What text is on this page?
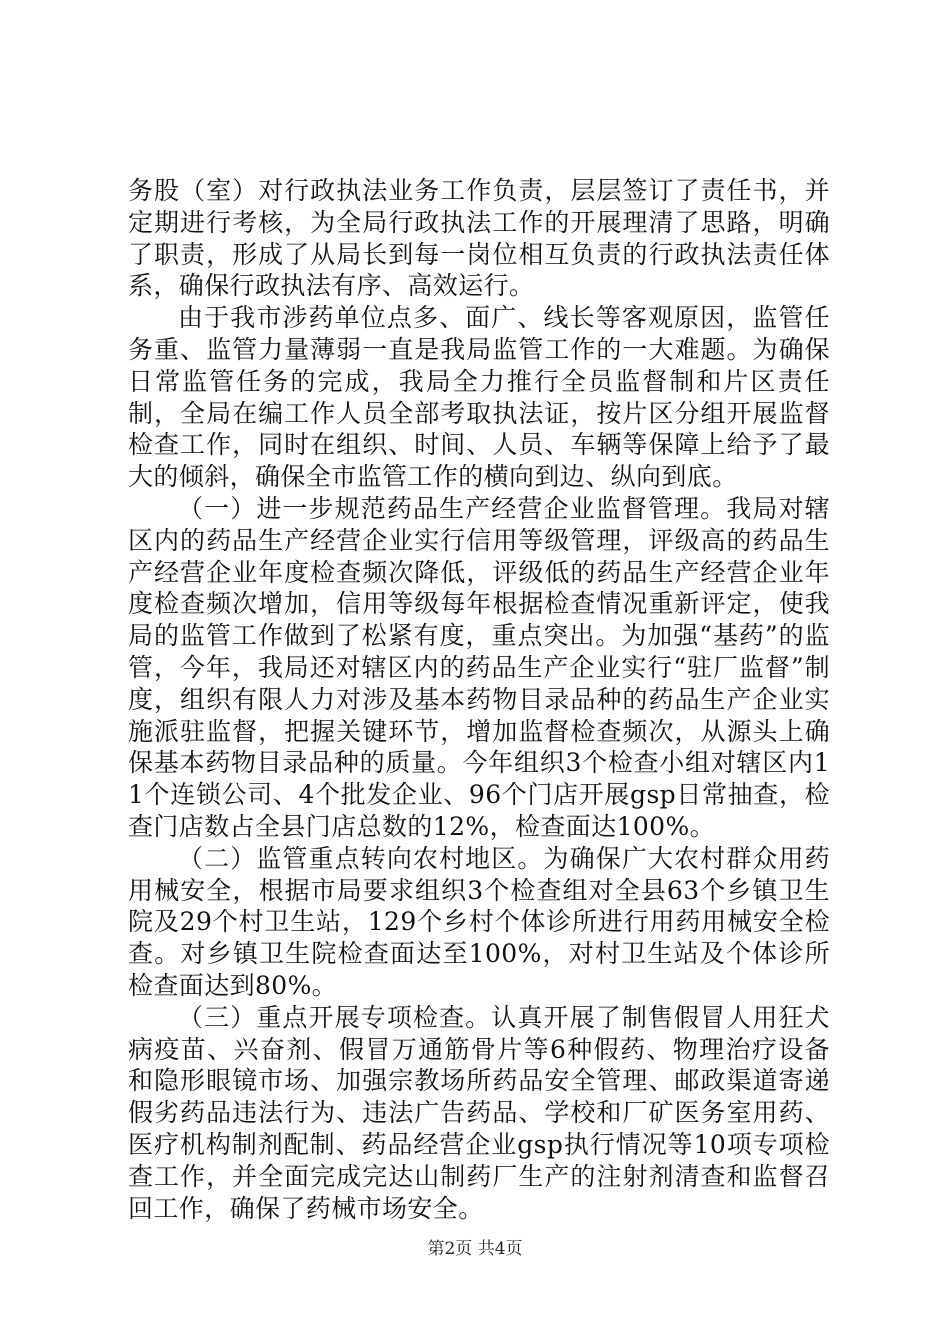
务股（室）对行政执法业务工作负责，层层签订了责任书，并定期进行考核，为全局行政执法工作的开展理清了思路，明确了职责，形成了从局长到每一岗位相互负责的行政执法责任体系，确保行政执法有序、高效运行。

由于我市涉药单位点多、面广、线长等客观原因，监管任务重、监管力量薄弱一直是我局监管工作的一大难题。为确保日常监管任务的完成，我局全力推行全员监督制和片区责任制，全局在编工作人员全部考取执法证，按片区分组开展监督检查工作，同时在组织、时间、人员、车辆等保障上给予了最大的倾斜，确保全市监管工作的横向到边、纵向到底。

（一）进一步规范药品生产经营企业监督管理。我局对辖区内的药品生产经营企业实行信用等级管理，评级高的药品生产经营企业年度检查频次降低，评级低的药品生产经营企业年度检查频次增加，信用等级每年根据检查情况重新评定，使我局的监管工作做到了松紧有度，重点突出。为加强“基药”的监管，今年，我局还对辖区内的药品生产企业实行“驻厂监督”制度，组织有限人力对涉及基本药物目录品种的药品生产企业实施派驻监督，把握关键环节，增加监督检查频次，从源头上确保基本药物目录品种的质量。今年组织3个检查小组对辖区内11个连锁公司、4个批发企业、96个门店开展gsp日常抽查，检查门店数占全县门店总数的12%，检查面达100%。

（二）监管重点转向农村地区。为确保广大农村群众用药用械安全，根据市局要求组织3个检查组对全县63个乡镇卫生院及29个村卫生站，129个乡村个体诊所进行用药用械安全检查。对乡镇卫生院检查面达至100%，对村卫生站及个体诊所检查面达到80%。

（三）重点开展专项检查。认真开展了制售假冒人用狂犬病疫苗、兴奋剂、假冒万通筋骨片等6种假药、物理治疗设备和隐形眼镜市场、加强宗教场所药品安全管理、邮政渠道寄递假劣药品违法行为、违法广告药品、学校和厂矿医务室用药、医疗机构制剂配制、药品经营企业gsp执行情况等10项专项检查工作，并全面完成完达山制药厂生产的注射剂清查和监督召回工作，确保了药械市场安全。

第2页 共4页
